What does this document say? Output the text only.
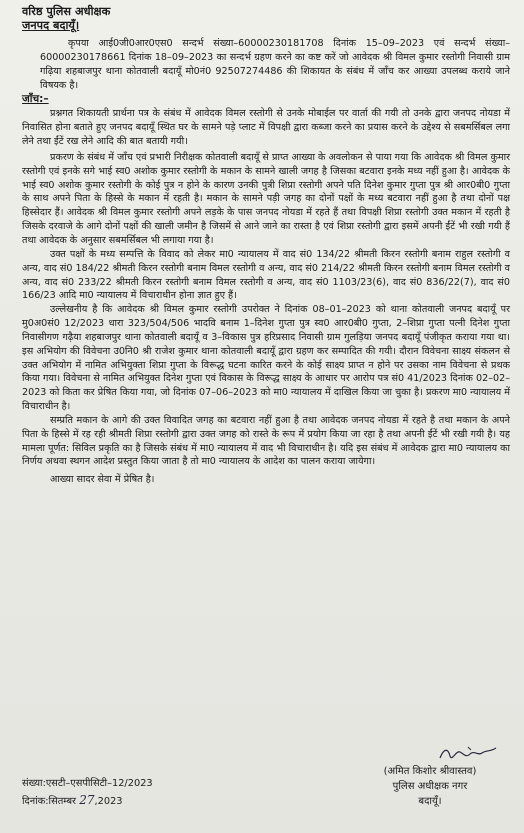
वरिष्ठ पुलिस अधीक्षक
जनपद बदायूँ।

कृपया आई0जी0आर0एस0 सन्दर्भ संख्या–60000230181708 दिनांक 15–09–2023 एवं सन्दर्भ संख्या–60000230178661 दिनांक 18–09–2023 का सन्दर्भ ग्रहण करने का कष्ट करें जो आवेदक श्री विमल कुमार रस्तोगी निवासी ग्राम गढ़िया शहबाजपुर थाना कोतवाली बदायूँ मो0नं0 92507274486 की शिकायत के संबंध में जाँच कर आख्या उपलब्ध कराये जाने विषयक है।

जाँच:–

प्रश्नगत शिकायती प्रार्थना पत्र के संबंध में आवेदक विमल रस्तोगी से उनके मोबाईल पर वार्ता की गयी तो उनके द्वारा जनपद नोयडा में निवासित होना बताते हुए जनपद बदायूँ स्थित घर के सामने पड़े प्लाट में विपक्षी द्वारा कब्जा करने का प्रयास करने के उद्देश्य से सबमर्सिबल लगा लेने तथा ईंटें रख लेने आदि की बात बतायी गयी।

प्रकरण के संबंध में जाँच एवं प्रभारी निरीक्षक कोतवाली बदायूँ से प्राप्त आख्या के अवलोकन से पाया गया कि आवेदक श्री विमल कुमार रस्तोगी एवं इनके सगे भाई स्व0 अशोक कुमार रस्तोगी के मकान के सामने खाली जगह है जिसका बटवारा इनके मध्य नहीं हुआ है। आवेदक के भाई स्व0 अशोक कुमार रस्तोगी के कोई पुत्र न होने के कारण उनकी पुत्री शिप्रा रस्तोगी अपने पति दिनेश कुमार गुप्ता पुत्र श्री आर0बी0 गुप्ता के साथ अपने पिता के हिस्से के मकान में रहती है। मकान के सामने पड़ी जगह का दोनों पक्षों के मध्य बटवारा नहीं हुआ है तथा दोनों पक्ष हिस्सेदार हैं। आवेदक श्री विमल कुमार रस्तोगी अपने लड़के के पास जनपद नोयडा में रहते हैं तथा विपक्षी शिप्रा रस्तोगी उक्त मकान में रहती है जिसके दरवाजे के आगे दोनों पक्षों की खाली जमीन है जिसमें से आने जाने का रास्ता है एवं शिप्रा रस्तोगी द्वारा इसमें अपनी ईंटें भी रखी गयी हैं तथा आवेदक के अनुसार सबमर्सिबल भी लगाया गया है।

उक्त पक्षों के मध्य सम्पत्ति के विवाद को लेकर मा0 न्यायालय में वाद सं0 134/22 श्रीमती किरन रस्तोगी बनाम राहुल रस्तोगी व अन्य, वाद सं0 184/22 श्रीमती किरन रस्तोगी बनाम विमल रस्तोगी व अन्य, वाद सं0 214/22 श्रीमती किरन रस्तोगी बनाम विमल रस्तोगी व अन्य, वाद सं0 233/22 श्रीमती किरन रस्तोगी बनाम विमल रस्तोगी व अन्य, वाद सं0 1103/23(6), वाद सं0 836/22(7), वाद सं0 166/23 आदि मा0 न्यायालय में विचाराधीन होना ज्ञात हुए हैं।

उल्लेखनीय है कि आवेदक श्री विमल कुमार रस्तोगी उपरोक्त ने दिनांक 08–01–2023 को थाना कोतवाली जनपद बदायूँ पर मु0अ0सं0 12/2023 धारा 323/504/506 भादवि बनाम 1–दिनेश गुप्ता पुत्र स्व0 आर0बी0 गुप्ता, 2–शिप्रा गुप्ता पत्नी दिनेश गुप्ता निवासीगण गढ़ैया शहबाजपुर थाना कोतवाली बदायूँ व 3–विकास पुत्र हरिप्रसाद निवासी ग्राम गुलड़िया जनपद बदायूँ पंजीकृत कराया गया था। इस अभियोग की विवेचना उ0नि0 श्री राजेश कुमार थाना कोतवाली बदायूँ द्वारा ग्रहण कर सम्पादित की गयी। दौरान विवेचना साक्ष्य संकलन से उक्त अभियोग में नामित अभियुक्ता शिप्रा गुप्ता के विरूद्ध घटना कारित करने के कोई साक्ष्य प्राप्त न होने पर उसका नाम विवेचना से प्रथक किया गया। विवेचना से नामित अभियुक्त दिनेश गुप्ता एवं विकास के विरूद्ध साक्ष्य के आधार पर आरोप पत्र सं0 41/2023 दिनांक 02–02–2023 को किता कर प्रेषित किया गया, जो दिनांक 07–06–2023 को मा0 न्यायालय में दाखिल किया जा चुका है। प्रकरण मा0 न्यायालय में विचाराधीन है।

सम्प्रति मकान के आगे की उक्त विवादित जगह का बटवारा नहीं हुआ है तथा आवेदक जनपद नोयडा में रहते है तथा मकान के अपने पिता के हिस्से में रह रही श्रीमती शिप्रा रस्तोगी द्वारा उक्त जगह को रास्ते के रूप में प्रयोग किया जा रहा है तथा अपनी ईंटें भी रखी गयी है। यह मामला पूर्णत: सिविल प्रकृति का है जिसके संबंध में मा0 न्यायालय में वाद भी विचाराधीन है। यदि इस संबंध में आवेदक द्वारा मा0 न्यायालय का निर्णय अथवा स्थगन आदेश प्रस्तुत किया जाता है तो मा0 न्यायालय के आदेश का पालन कराया जायेगा।

आख्या सादर सेवा में प्रेषित है।
संख्या:एसटी–एसपीसिटी–12/2023
दिनांक:सितम्बर 27,2023
(अमित किशोर श्रीवास्तव)
पुलिस अधीक्षक नगर
बदायूँ।
